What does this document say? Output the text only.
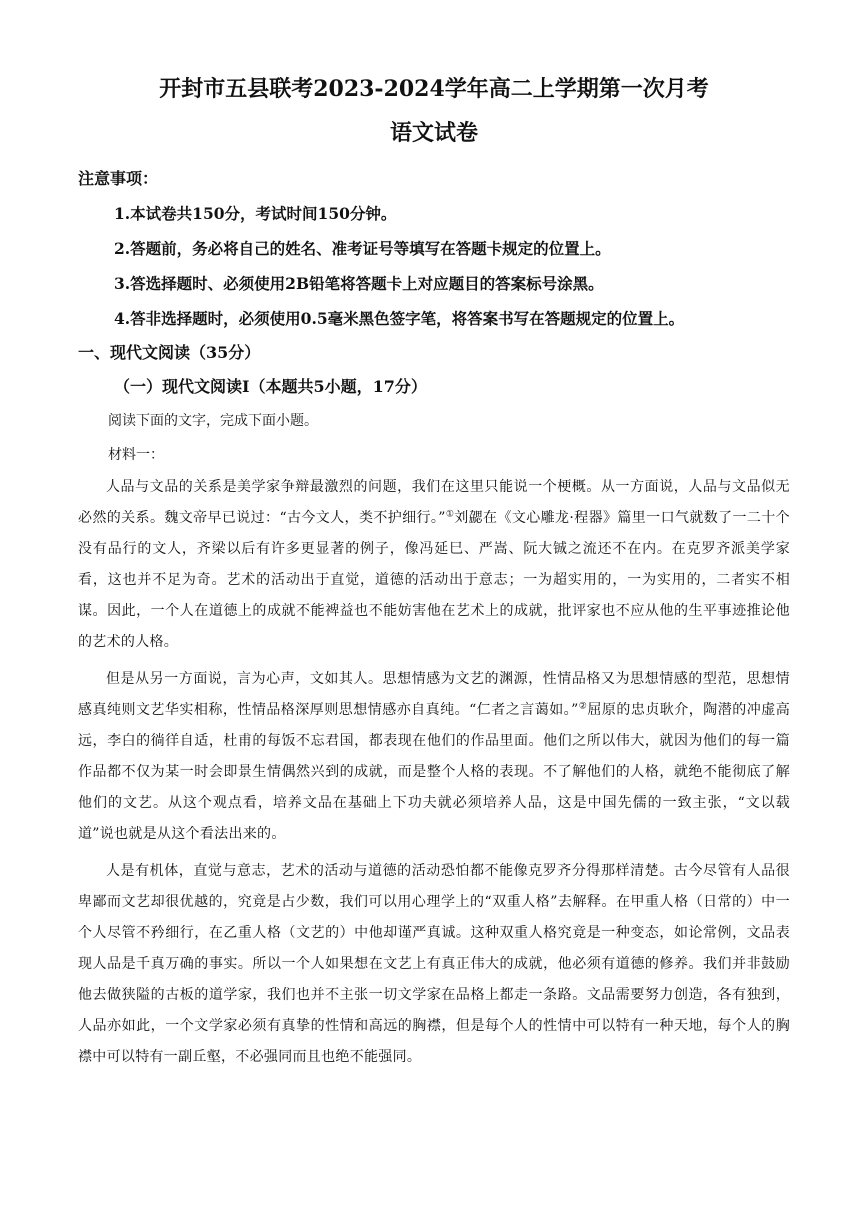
开封市五县联考2023-2024学年高二上学期第一次月考
语文试卷
注意事项：
1.本试卷共150分，考试时间150分钟。
2.答题前，务必将自己的姓名、准考证号等填写在答题卡规定的位置上。
3.答选择题时、必须使用2B铅笔将答题卡上对应题目的答案标号涂黑。
4.答非选择题时，必须使用0.5毫米黑色签字笔，将答案书写在答题规定的位置上。
一、现代文阅读（35分）
（一）现代文阅读Ⅰ（本题共5小题，17分）
阅读下面的文字，完成下面小题。
材料一：

人品与文品的关系是美学家争辩最激烈的问题，我们在这里只能说一个梗概。从一方面说，人品与文品似无必然的关系。魏文帝早已说过：“古今文人，类不护细行。”①刘勰在《文心雕龙·程器》篇里一口气就数了一二十个没有品行的文人，齐梁以后有许多更显著的例子，像冯延巳、严嵩、阮大铖之流还不在内。在克罗齐派美学家看，这也并不足为奇。艺术的活动出于直觉，道德的活动出于意志；一为超实用的，一为实用的，二者实不相谋。因此，一个人在道德上的成就不能裨益也不能妨害他在艺术上的成就，批评家也不应从他的生平事迹推论他的艺术的人格。

但是从另一方面说，言为心声，文如其人。思想情感为文艺的渊源，性情品格又为思想情感的型范，思想情感真纯则文艺华实相称，性情品格深厚则思想情感亦自真纯。“仁者之言蔼如。”②屈原的忠贞耿介，陶潜的冲虚高远，李白的徜徉自适，杜甫的每饭不忘君国，都表现在他们的作品里面。他们之所以伟大，就因为他们的每一篇作品都不仅为某一时会即景生情偶然兴到的成就，而是整个人格的表现。不了解他们的人格，就绝不能彻底了解他们的文艺。从这个观点看，培养文品在基础上下功夫就必须培养人品，这是中国先儒的一致主张，“文以载道”说也就是从这个看法出来的。

人是有机体，直觉与意志，艺术的活动与道德的活动恐怕都不能像克罗齐分得那样清楚。古今尽管有人品很卑鄙而文艺却很优越的，究竟是占少数，我们可以用心理学上的“双重人格”去解释。在甲重人格（日常的）中一个人尽管不矜细行，在乙重人格（文艺的）中他却谨严真诚。这种双重人格究竟是一种变态，如论常例，文品表现人品是千真万确的事实。所以一个人如果想在文艺上有真正伟大的成就，他必须有道德的修养。我们并非鼓励他去做狭隘的古板的道学家，我们也并不主张一切文学家在品格上都走一条路。文品需要努力创造，各有独到，人品亦如此，一个文学家必须有真挚的性情和高远的胸襟，但是每个人的性情中可以特有一种天地，每个人的胸襟中可以特有一副丘壑，不必强同而且也绝不能强同。
